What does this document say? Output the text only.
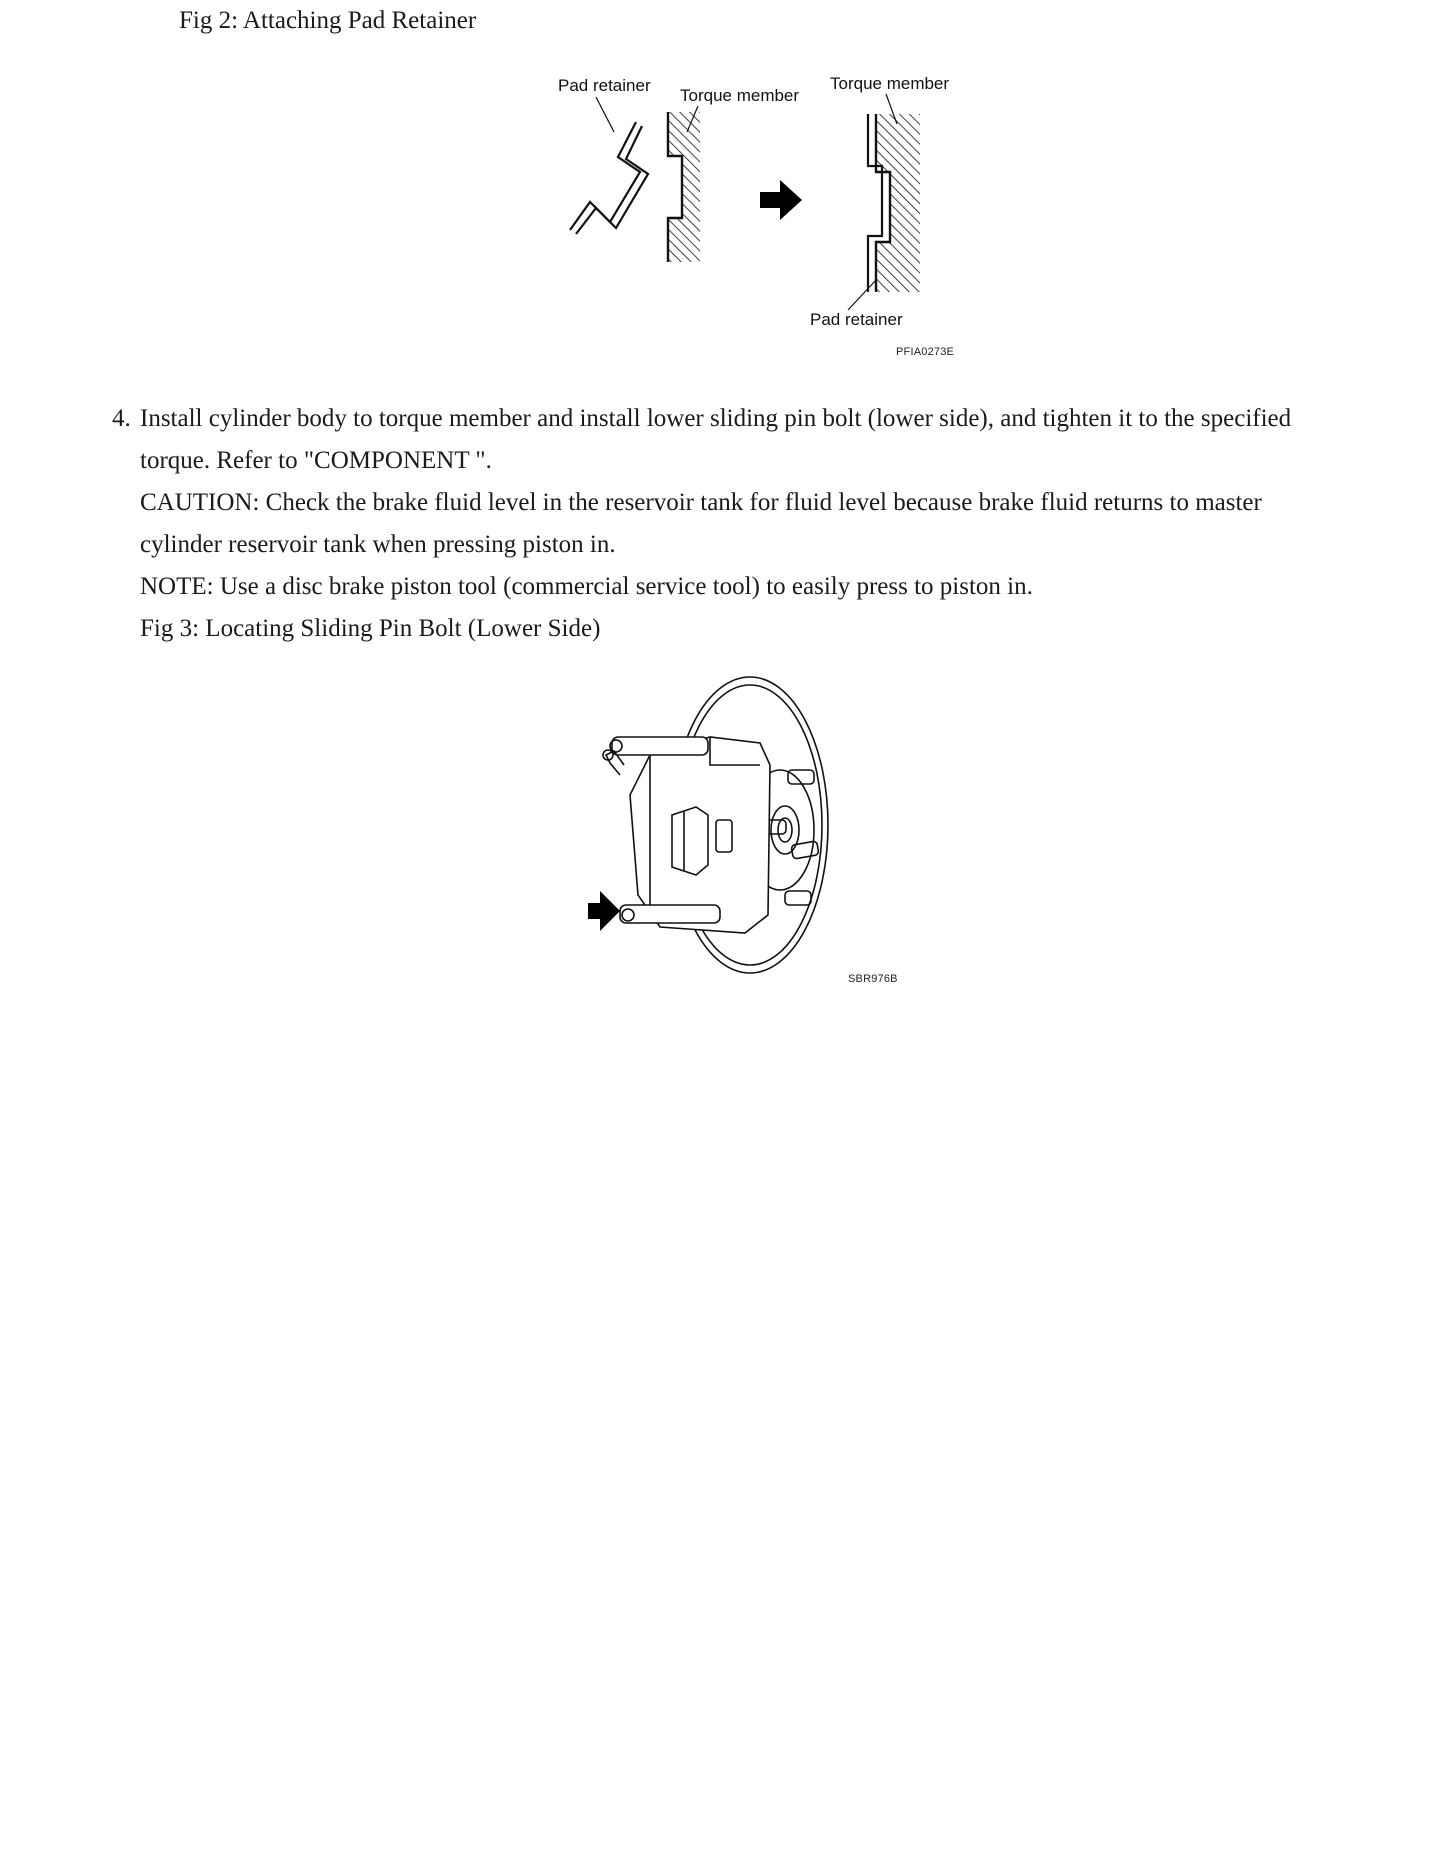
Fig 2: Attaching Pad Retainer
Pad retainer
Torque member
Torque member
Pad retainer
PFIA0273E
4. Install cylinder body to torque member and install lower sliding pin bolt (lower side), and tighten it to the specified torque. Refer to "COMPONENT ".
CAUTION: Check the brake fluid level in the reservoir tank for fluid level because brake fluid returns to master cylinder reservoir tank when pressing piston in.
NOTE: Use a disc brake piston tool (commercial service tool) to easily press to piston in.
Fig 3: Locating Sliding Pin Bolt (Lower Side)
SBR976B
